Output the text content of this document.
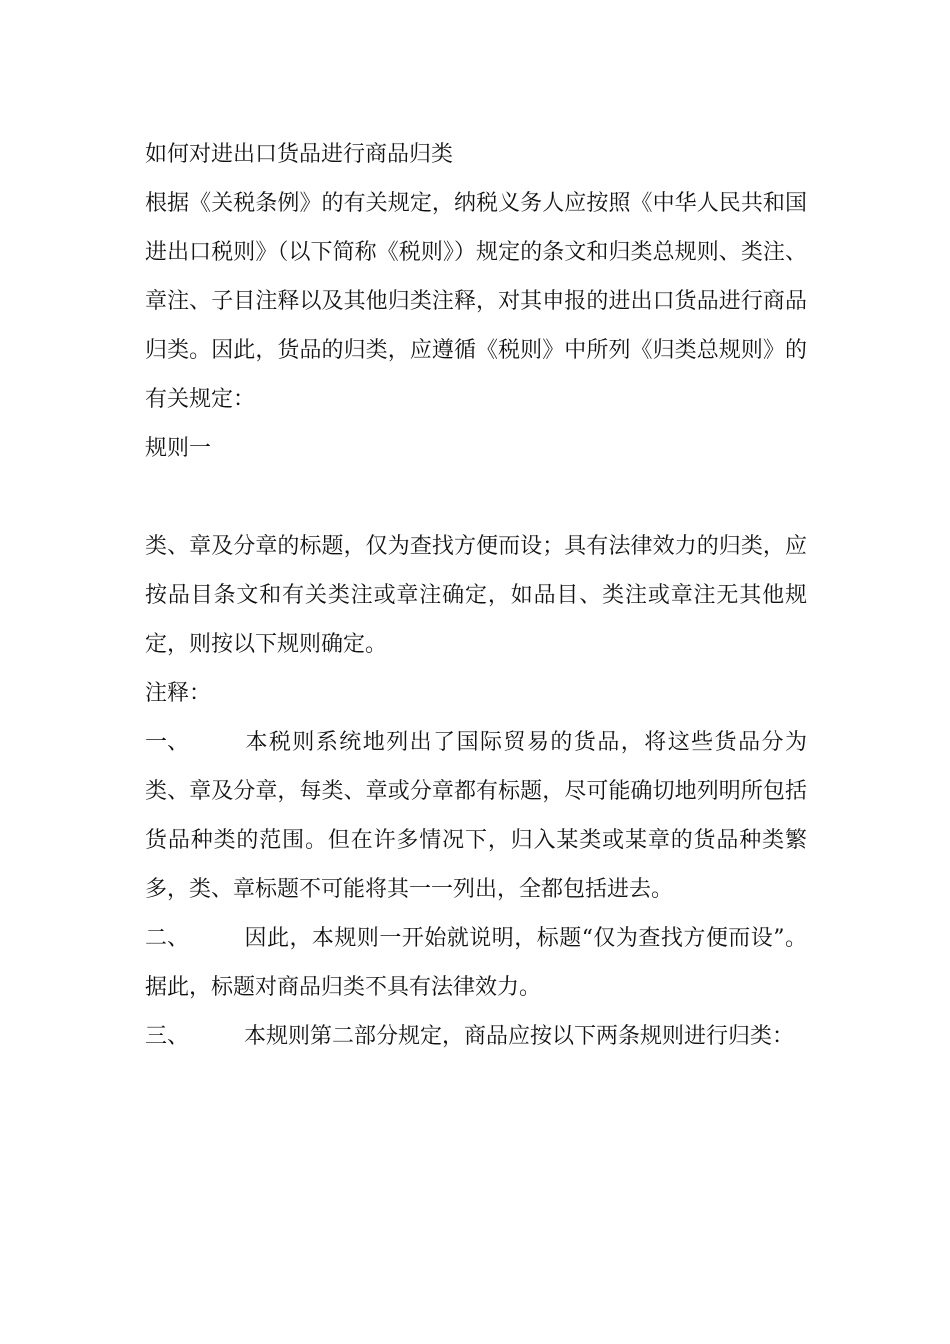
如何对进出口货品进行商品归类

根据《关税条例》的有关规定，纳税义务人应按照《中华人民共和国进出口税则》（以下简称《税则》）规定的条文和归类总规则、类注、章注、子目注释以及其他归类注释，对其申报的进出口货品进行商品归类。因此，货品的归类，应遵循《税则》中所列《归类总规则》的有关规定：

规则一

类、章及分章的标题，仅为查找方便而设；具有法律效力的归类，应按品目条文和有关类注或章注确定，如品目、类注或章注无其他规定，则按以下规则确定。

注释：

一、 本税则系统地列出了国际贸易的货品，将这些货品分为类、章及分章，每类、章或分章都有标题，尽可能确切地列明所包括货品种类的范围。但在许多情况下，归入某类或某章的货品种类繁多，类、章标题不可能将其一一列出，全都包括进去。

二、 因此，本规则一开始就说明，标题“仅为查找方便而设”。据此，标题对商品归类不具有法律效力。

三、 本规则第二部分规定，商品应按以下两条规则进行归类：
